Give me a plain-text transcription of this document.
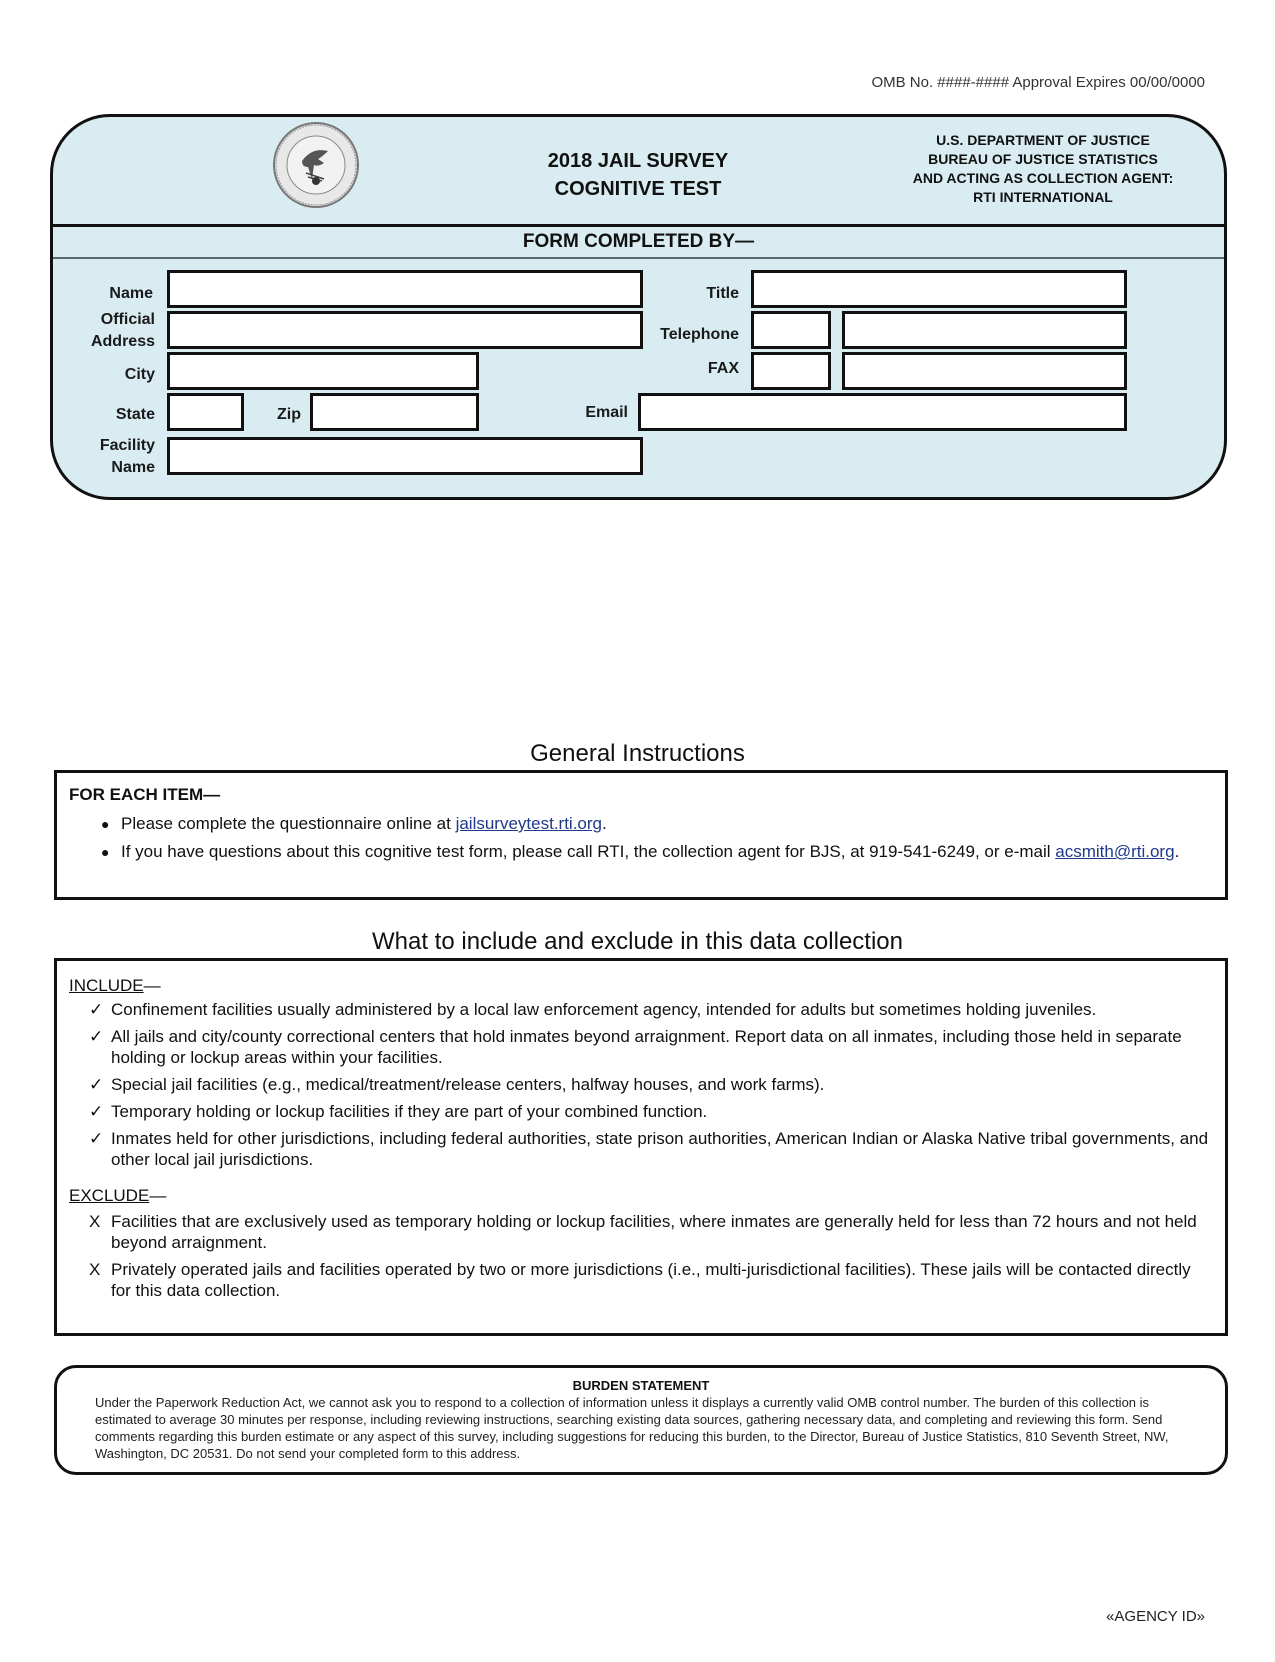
OMB No. ####-#### Approval Expires 00/00/0000
2018 JAIL SURVEY
COGNITIVE TEST
U.S. DEPARTMENT OF JUSTICE
BUREAU OF JUSTICE STATISTICS
AND ACTING AS COLLECTION AGENT:
RTI INTERNATIONAL
FORM COMPLETED BY—
Name
Official
Address
City
State	Zip
Facility
Name
Title
Telephone
FAX
Email
General Instructions
FOR EACH ITEM—
● Please complete the questionnaire online at jailsurveytest.rti.org.
● If you have questions about this cognitive test form, please call RTI, the collection agent for BJS, at 919-541-6249, or e-mail acsmith@rti.org.
What to include and exclude in this data collection
INCLUDE—
✓ Confinement facilities usually administered by a local law enforcement agency, intended for adults but sometimes holding juveniles.
✓ All jails and city/county correctional centers that hold inmates beyond arraignment. Report data on all inmates, including those held in separate holding or lockup areas within your facilities.
✓ Special jail facilities (e.g., medical/treatment/release centers, halfway houses, and work farms).
✓ Temporary holding or lockup facilities if they are part of your combined function.
✓ Inmates held for other jurisdictions, including federal authorities, state prison authorities, American Indian or Alaska Native tribal governments, and other local jail jurisdictions.
EXCLUDE—
X Facilities that are exclusively used as temporary holding or lockup facilities, where inmates are generally held for less than 72 hours and not held beyond arraignment.
X Privately operated jails and facilities operated by two or more jurisdictions (i.e., multi-jurisdictional facilities). These jails will be contacted directly for this data collection.
BURDEN STATEMENT
Under the Paperwork Reduction Act, we cannot ask you to respond to a collection of information unless it displays a currently valid OMB control number. The burden of this collection is estimated to average 30 minutes per response, including reviewing instructions, searching existing data sources, gathering necessary data, and completing and reviewing this form. Send comments regarding this burden estimate or any aspect of this survey, including suggestions for reducing this burden, to the Director, Bureau of Justice Statistics, 810 Seventh Street, NW, Washington, DC 20531. Do not send your completed form to this address.
«AGENCY ID»
